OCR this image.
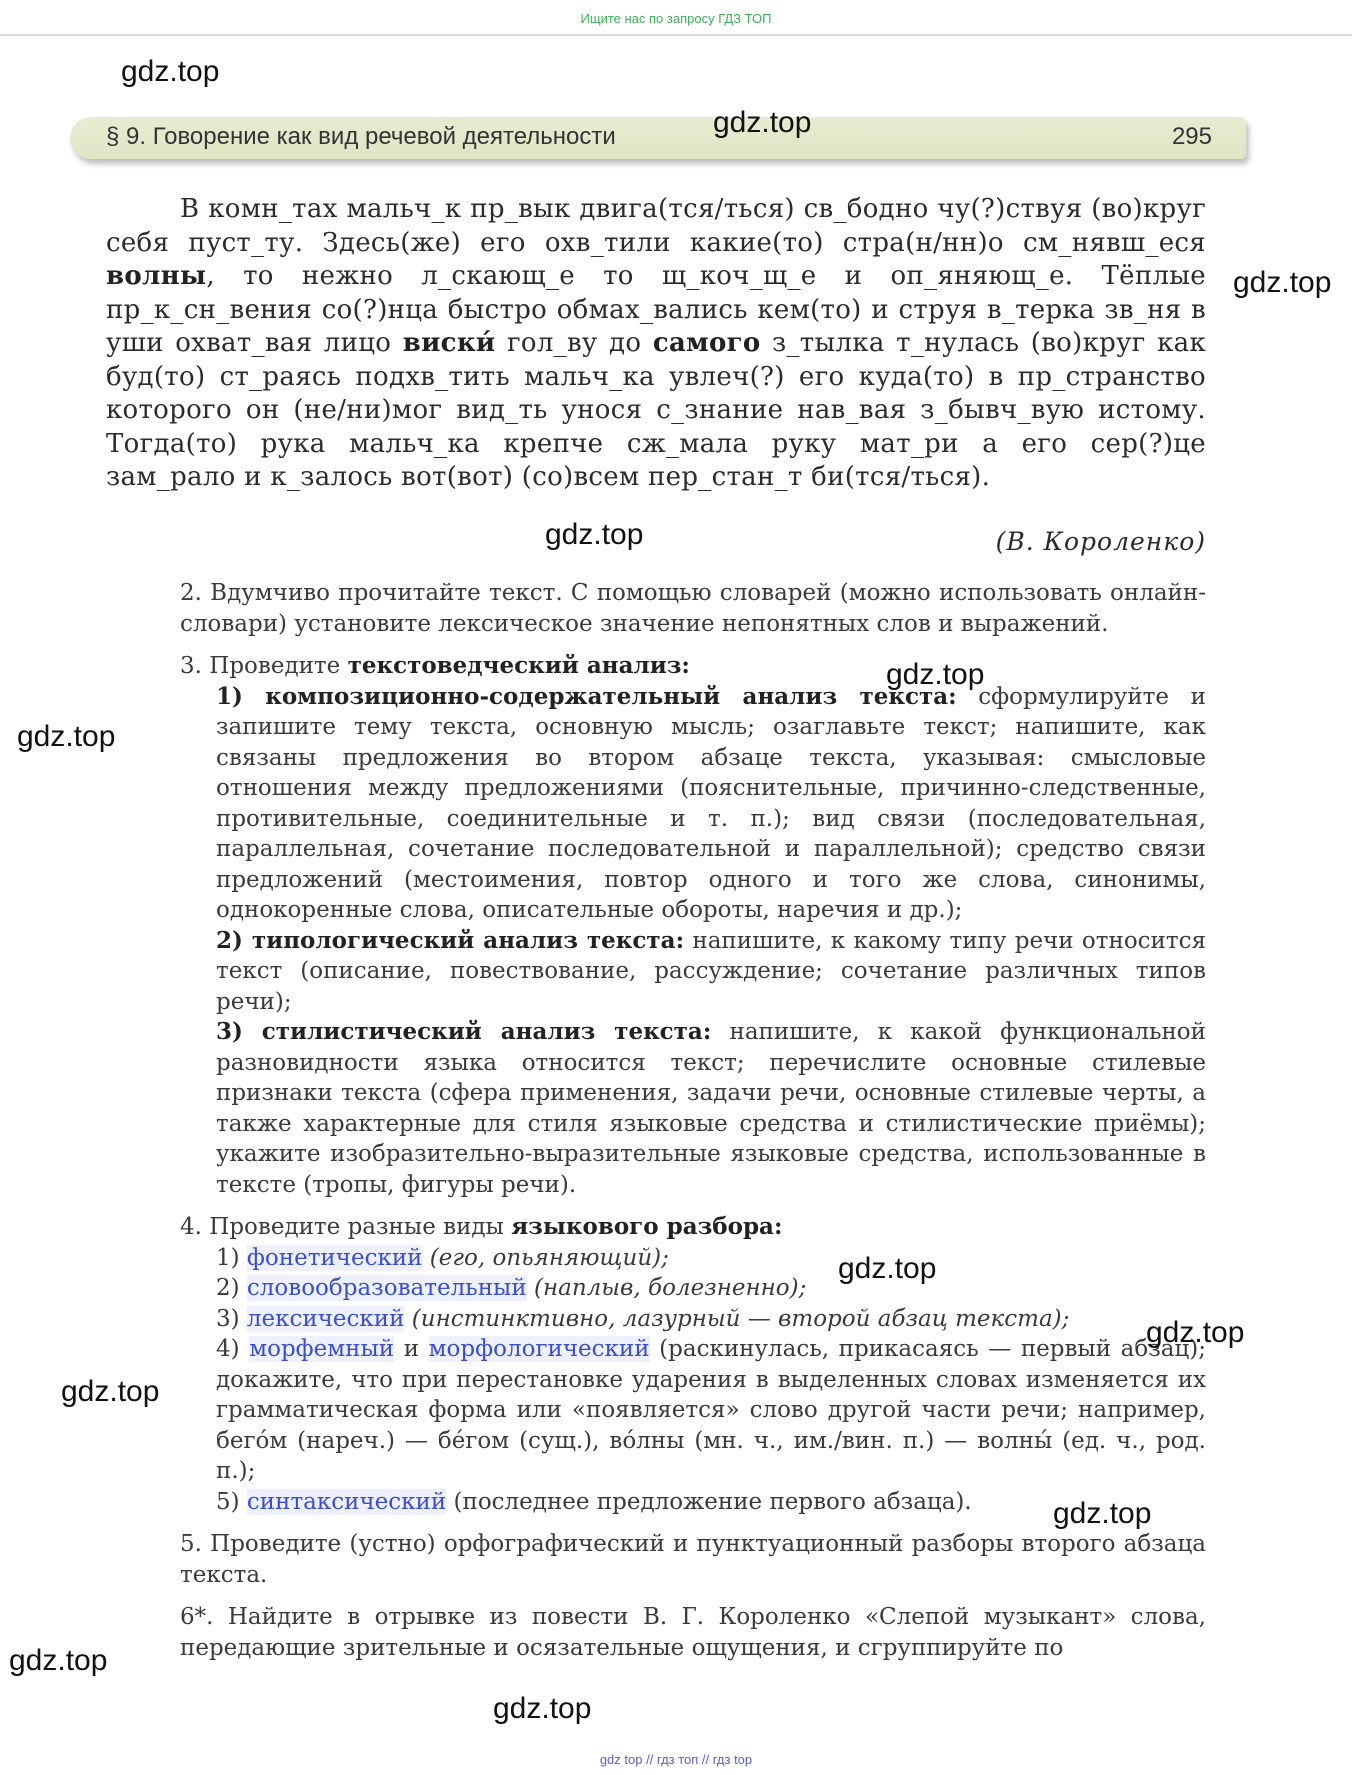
$_{Ищите нас по запросу ГДЗ ТОП}$
§ 9. Говорение как вид речевой деятельности	295
В комн_тах мальч_к пр_вык двига(тся/ться) св_бодно чу(?)ствуя (во)круг себя пуст_ту. Здесь(же) его охв_тили какие(то) стра(н/нн)о см_нявш_еся волны, то нежно л_скающ_е то щ_коч_щ_е и оп_яняющ_е. Тёплые пр_к_сн_вения со(?)нца быстро обмах_вались кем(то) и струя в_терка зв_ня в уши охват_вая лицо виски́ гол_ву до самого з_тылка т_нулась (во)круг как буд(то) ст_раясь подхв_тить мальч_ка увлеч(?) его куда(то) в пр_странство которого он (не/ни)мог вид_ть унося с_знание нав_вая з_бывч_вую истому. Тогда(то) рука мальч_ка крепче сж_мала руку мат_ри а его сер(?)це зам_рало и к_залось вот(вот) (со)всем пер_стан_т би(тся/ться).
(В. Короленко)
2. Вдумчиво прочитайте текст. С помощью словарей (можно использовать онлайн-словари) установите лексическое значение непонятных слов и выражений.
3. Проведите текстоведческий анализ:
1) композиционно-содержательный анализ текста: сформулируйте и запишите тему текста, основную мысль; озаглавьте текст; напишите, как связаны предложения во втором абзаце текста, указывая: смысловые отношения между предложениями (пояснительные, причинно-следственные, противительные, соединительные и т. п.); вид связи (последовательная, параллельная, сочетание последовательной и параллельной); средство связи предложений (местоимения, повтор одного и того же слова, синонимы, однокоренные слова, описательные обороты, наречия и др.);
2) типологический анализ текста: напишите, к какому типу речи относится текст (описание, повествование, рассуждение; сочетание различных типов речи);
3) стилистический анализ текста: напишите, к какой функциональной разновидности языка относится текст; перечислите основные стилевые признаки текста (сфера применения, задачи речи, основные стилевые черты, а также характерные для стиля языковые средства и стилистические приёмы); укажите изобразительно-выразительные языковые средства, использованные в тексте (тропы, фигуры речи).
4. Проведите разные виды языкового разбора:
1) фонетический (его, опьяняющий);
2) словообразовательный (наплыв, болезненно);
3) лексический (инстинктивно, лазурный — второй абзац текста);
4) морфемный и морфологический (раскинулась, прикасаясь — первый абзац); докажите, что при перестановке ударения в выделенных словах изменяется их грамматическая форма или «появляется» слово другой части речи; например, бего́м (нареч.) — бе́гом (сущ.), во́лны (мн. ч., им./вин. п.) — волны́ (ед. ч., род. п.);
5) синтаксический (последнее предложение первого абзаца).
5. Проведите (устно) орфографический и пунктуационный разборы второго абзаца текста.
6*. Найдите в отрывке из повести В. Г. Короленко «Слепой музыкант» слова, передающие зрительные и осязательные ощущения, и сгруппируйте по
gdz.top
gdz.top
gdz.top
gdz.top
gdz.top
gdz.top
gdz.top
gdz.top
gdz.top
gdz.top
gdz.top
gdz.top
gdz top // гдз топ // гдз top
